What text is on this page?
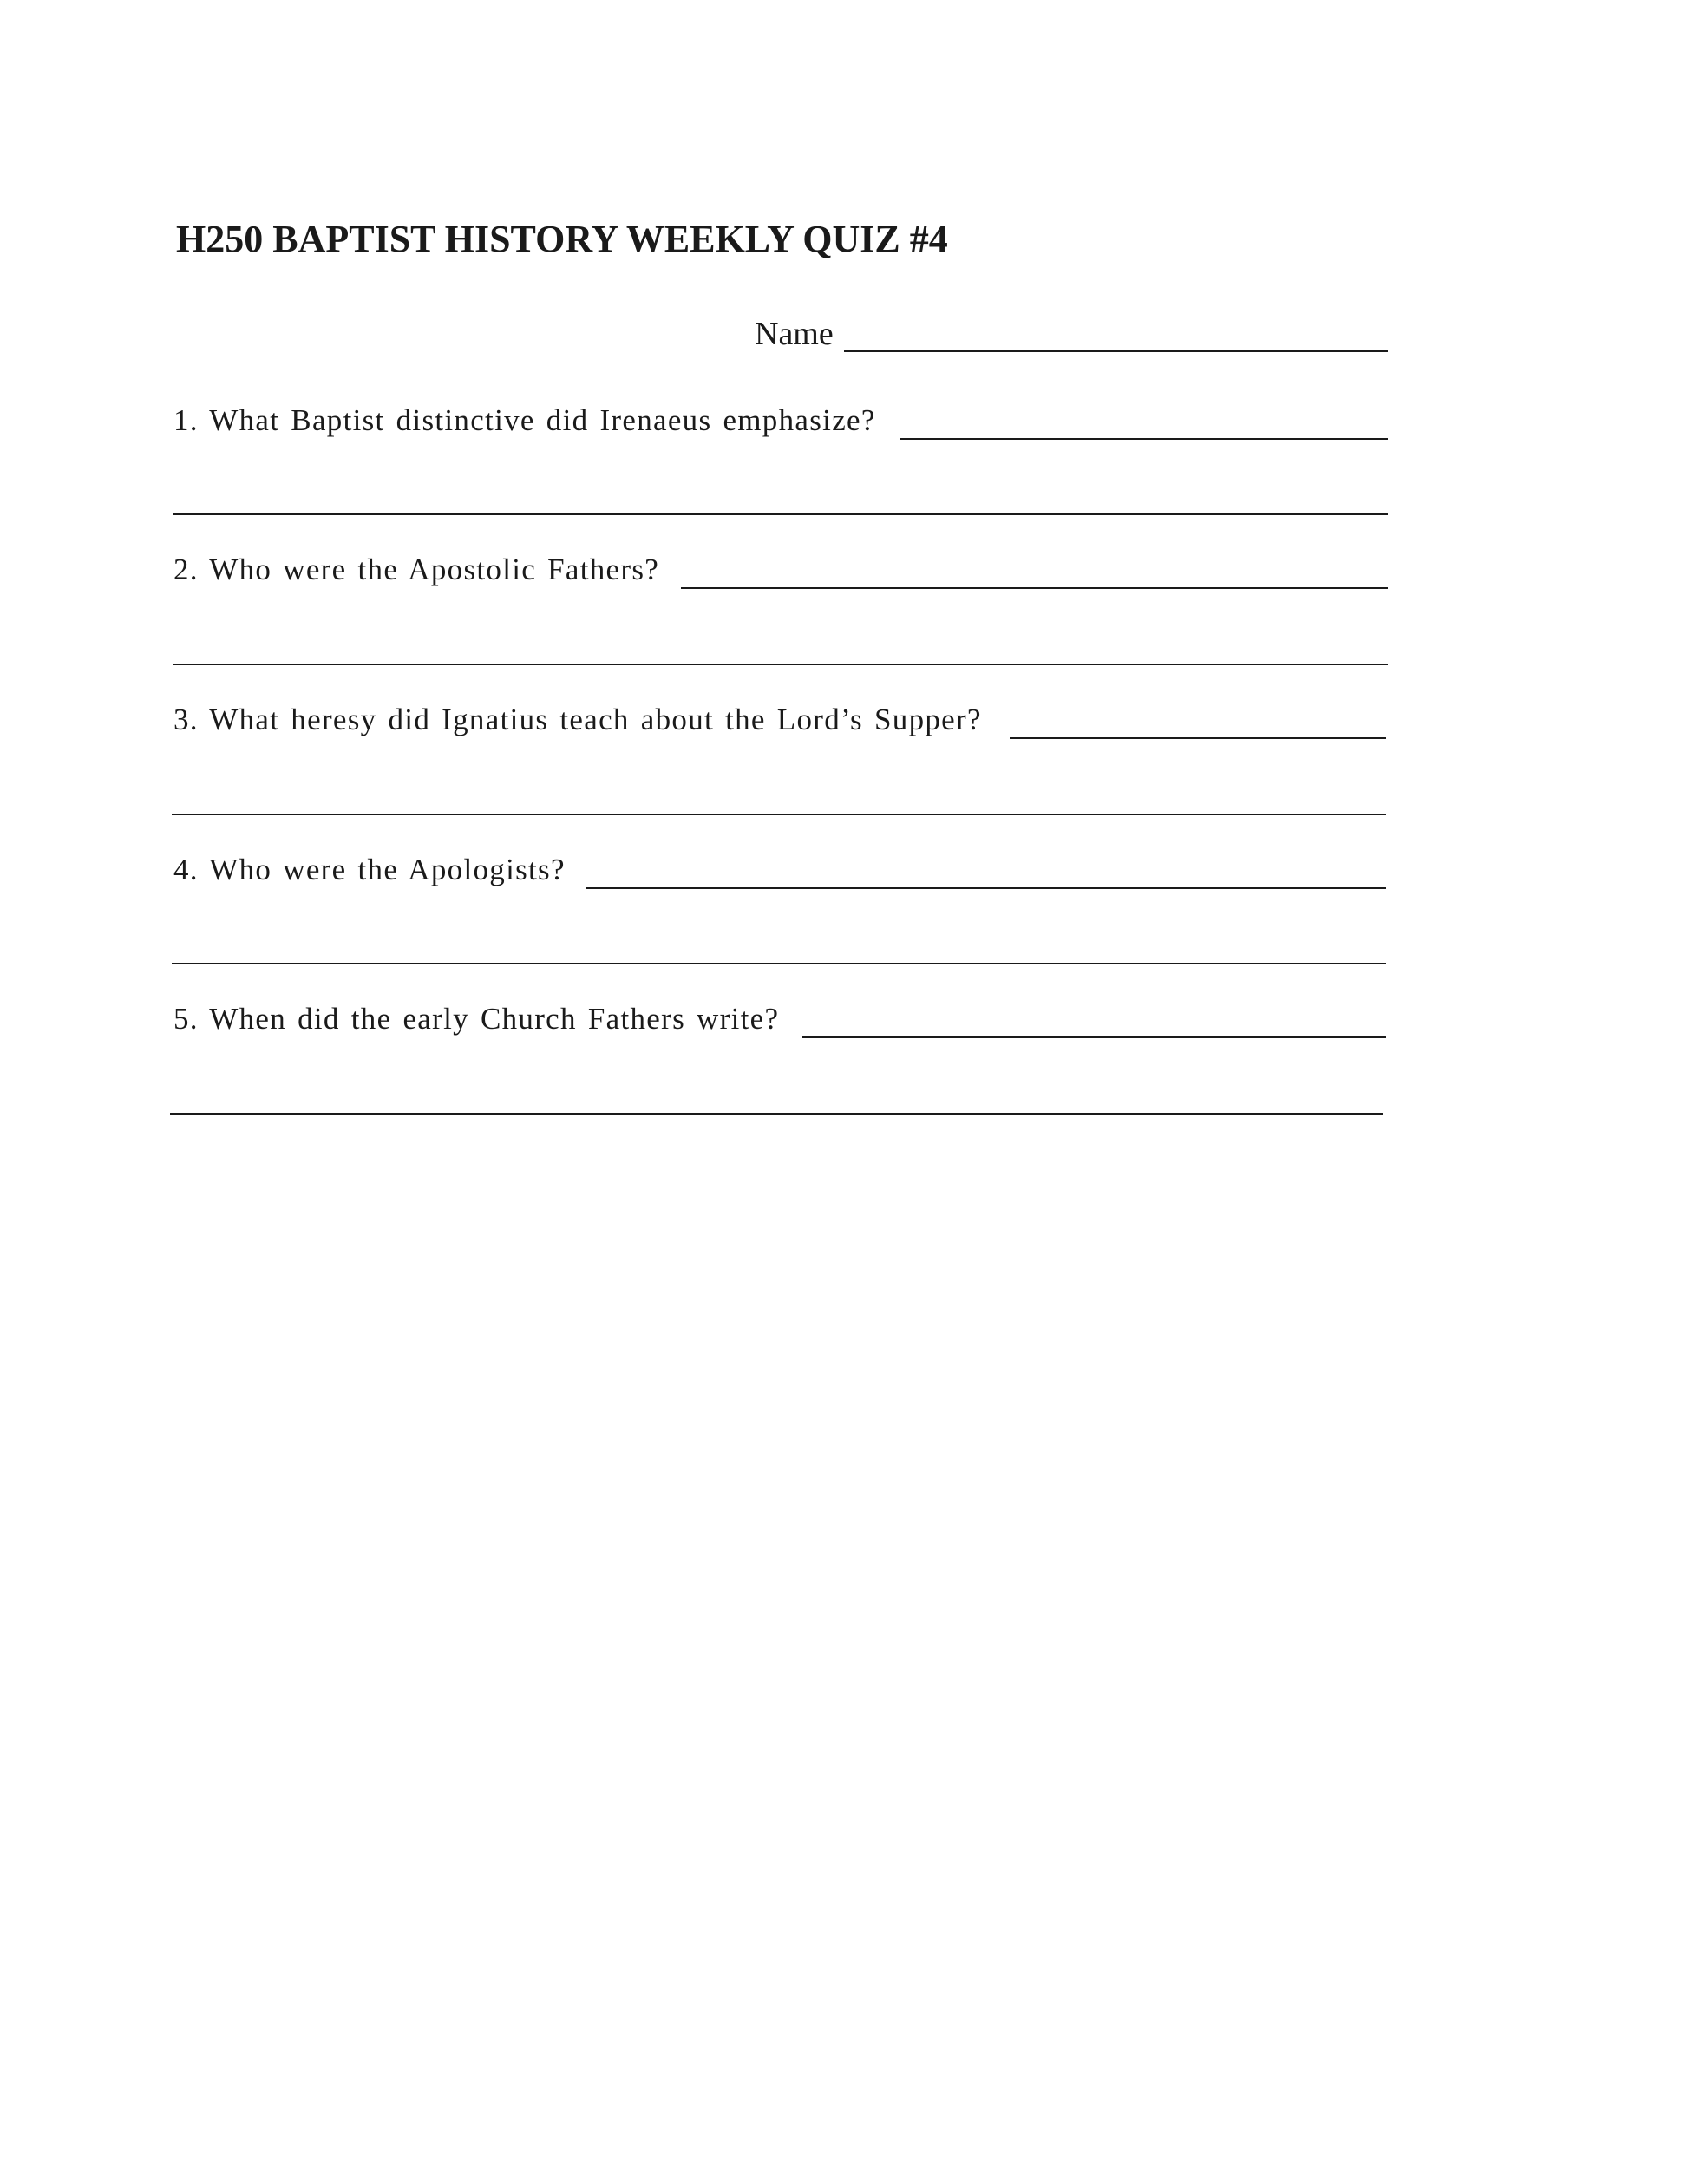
H250 BAPTIST HISTORY WEEKLY QUIZ #4
Name
1. What Baptist distinctive did Irenaeus emphasize?
2. Who were the Apostolic Fathers?
3. What heresy did Ignatius teach about the Lord’s Supper?
4. Who were the Apologists?
5. When did the early Church Fathers write?
